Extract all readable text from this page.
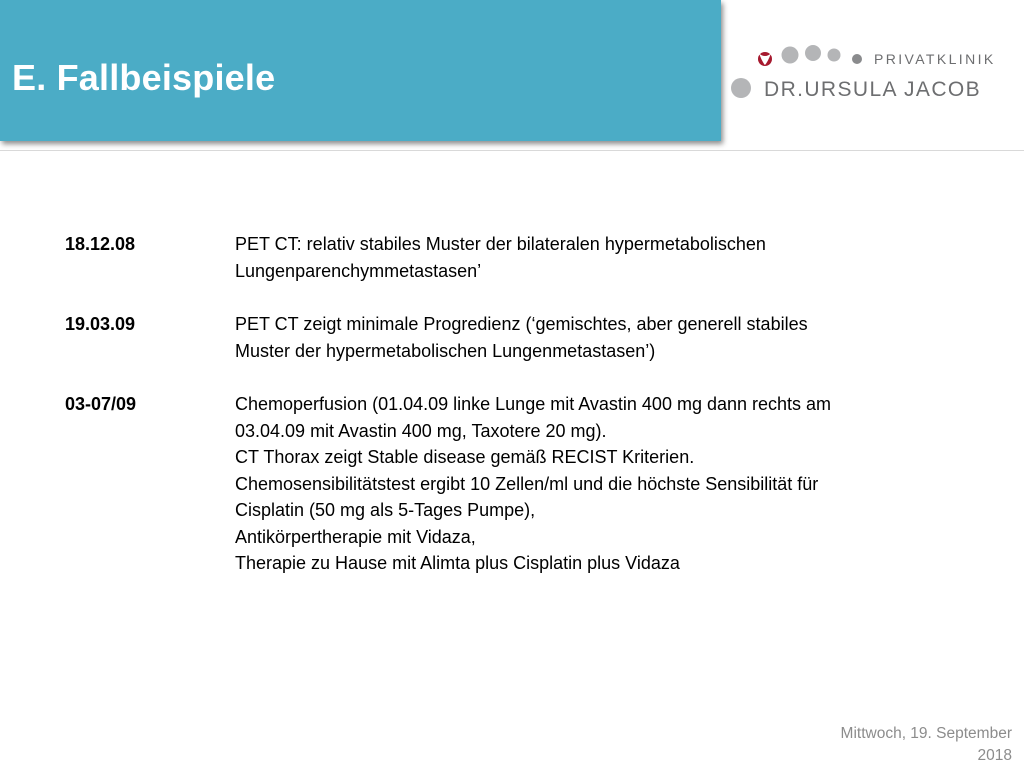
E. Fallbeispiele	PRIVATKLINIK
DR.URSULA JACOB
18.12.08	PET CT: relativ stabiles Muster der bilateralen hypermetabolischen
Lungenparenchymmetastasen’
19.03.09	PET CT zeigt minimale Progredienz (‘gemischtes, aber generell stabiles
Muster der hypermetabolischen Lungenmetastasen’)
03-07/09	Chemoperfusion (01.04.09 linke Lunge mit Avastin 400 mg dann rechts am
03.04.09 mit Avastin 400 mg, Taxotere 20 mg).
CT Thorax zeigt Stable disease gemäß RECIST Kriterien.
Chemosensibilitätstest ergibt 10 Zellen/ml und die höchste Sensibilität für
Cisplatin (50 mg als 5-Tages Pumpe),
Antikörpertherapie mit Vidaza,
Therapie zu Hause mit Alimta plus Cisplatin plus Vidaza
Mittwoch, 19. September
2018
